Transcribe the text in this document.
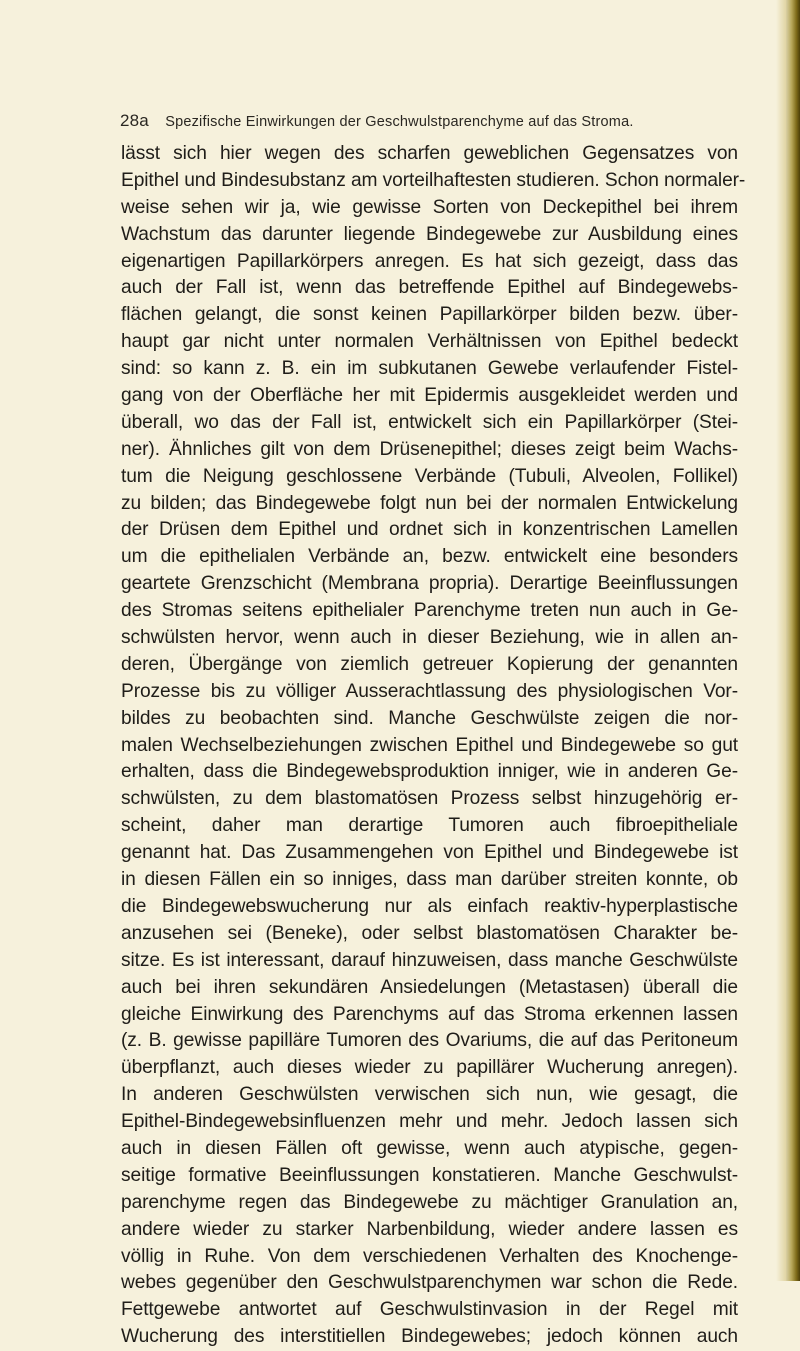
28a Spezifische Einwirkungen der Geschwulstparenchyme auf das Stroma.
lässt sich hier wegen des scharfen geweblichen Gegensatzes von
Epithel und Bindesubstanz am vorteilhaftesten studieren. Schon normaler-
weise sehen wir ja, wie gewisse Sorten von Deckepithel bei ihrem
Wachstum das darunter liegende Bindegewebe zur Ausbildung eines
eigenartigen Papillarkörpers anregen. Es hat sich gezeigt, dass das
auch der Fall ist, wenn das betreffende Epithel auf Bindegewebs-
flächen gelangt, die sonst keinen Papillarkörper bilden bezw. über-
haupt gar nicht unter normalen Verhältnissen von Epithel bedeckt
sind: so kann z. B. ein im subkutanen Gewebe verlaufender Fistel-
gang von der Oberfläche her mit Epidermis ausgekleidet werden und
überall, wo das der Fall ist, entwickelt sich ein Papillarkörper (Stei-
ner). Ähnliches gilt von dem Drüsenepithel; dieses zeigt beim Wachs-
tum die Neigung geschlossene Verbände (Tubuli, Alveolen, Follikel)
zu bilden; das Bindegewebe folgt nun bei der normalen Entwickelung
der Drüsen dem Epithel und ordnet sich in konzentrischen Lamellen
um die epithelialen Verbände an, bezw. entwickelt eine besonders
geartete Grenzschicht (Membrana propria). Derartige Beeinflussungen
des Stromas seitens epithelialer Parenchyme treten nun auch in Ge-
schwülsten hervor, wenn auch in dieser Beziehung, wie in allen an-
deren, Übergänge von ziemlich getreuer Kopierung der genannten
Prozesse bis zu völliger Ausserachtlassung des physiologischen Vor-
bildes zu beobachten sind. Manche Geschwülste zeigen die nor-
malen Wechselbeziehungen zwischen Epithel und Bindegewebe so gut
erhalten, dass die Bindegewebsproduktion inniger, wie in anderen Ge-
schwülsten, zu dem blastomatösen Prozess selbst hinzugehörig er-
scheint, daher man derartige Tumoren auch fibroepitheliale
genannt hat. Das Zusammengehen von Epithel und Bindegewebe ist
in diesen Fällen ein so inniges, dass man darüber streiten konnte, ob
die Bindegewebswucherung nur als einfach reaktiv-hyperplastische
anzusehen sei (Beneke), oder selbst blastomatösen Charakter be-
sitze. Es ist interessant, darauf hinzuweisen, dass manche Geschwülste
auch bei ihren sekundären Ansiedelungen (Metastasen) überall die
gleiche Einwirkung des Parenchyms auf das Stroma erkennen lassen
(z. B. gewisse papilläre Tumoren des Ovariums, die auf das Peritoneum
überpflanzt, auch dieses wieder zu papillärer Wucherung anregen).
In anderen Geschwülsten verwischen sich nun, wie gesagt, die
Epithel-Bindegewebsinfluenzen mehr und mehr. Jedoch lassen sich
auch in diesen Fällen oft gewisse, wenn auch atypische, gegen-
seitige formative Beeinflussungen konstatieren. Manche Geschwulst-
parenchyme regen das Bindegewebe zu mächtiger Granulation an,
andere wieder zu starker Narbenbildung, wieder andere lassen es
völlig in Ruhe. Von dem verschiedenen Verhalten des Knochenge-
webes gegenüber den Geschwulstparenchymen war schon die Rede.
Fettgewebe antwortet auf Geschwulstinvasion in der Regel mit
Wucherung des interstitiellen Bindegewebes; jedoch können auch
